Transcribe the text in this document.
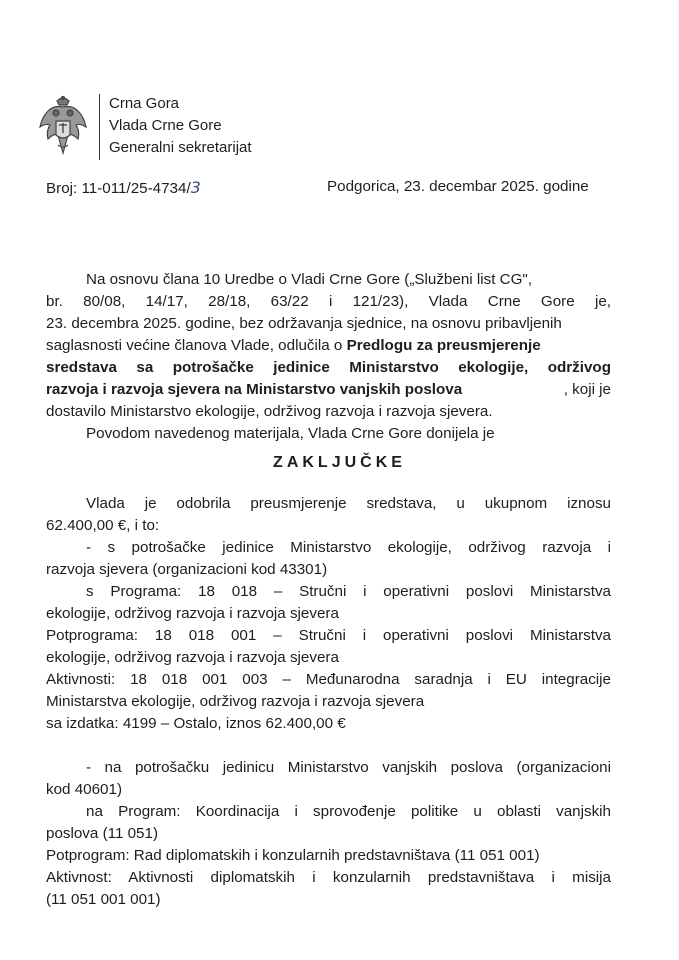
Crna Gora
Vlada Crne Gore
Generalni sekretarijat
Broj: 11-011/25-4734/3	Podgorica, 23. decembar 2025. godine
Na osnovu člana 10 Uredbe o Vladi Crne Gore („Službeni list CG",
br. 80/08, 14/17, 28/18, 63/22 i 121/23), Vlada Crne Gore je,
23. decembra 2025. godine, bez održavanja sjednice, na osnovu pribavljenih
saglasnosti većine članova Vlade, odlučila o Predlogu za preusmjerenje
sredstava sa potrošačke jedinice Ministarstvo ekologije, održivog
razvoja i razvoja sjevera na Ministarstvo vanjskih poslova	, koji je
dostavilo Ministarstvo ekologije, održivog razvoja i razvoja sjevera.
Povodom navedenog materijala, Vlada Crne Gore donijela je
ZAKLJUČKE
Vlada je odobrila preusmjerenje sredstava, u ukupnom iznosu
62.400,00 €, i to:
- s potrošačke jedinice Ministarstvo ekologije, održivog razvoja i
razvoja sjevera (organizacioni kod 43301)
s Programa: 18 018 – Stručni i operativni poslovi Ministarstva
ekologije, održivog razvoja i razvoja sjevera
Potprograma: 18 018 001 – Stručni i operativni poslovi Ministarstva
ekologije, održivog razvoja i razvoja sjevera
Aktivnosti: 18 018 001 003 – Međunarodna saradnja i EU integracije
Ministarstva ekologije, održivog razvoja i razvoja sjevera
sa izdatka: 4199 – Ostalo, iznos 62.400,00 €
- na potrošačku jedinicu Ministarstvo vanjskih poslova (organizacioni
kod 40601)
na Program: Koordinacija i sprovođenje politike u oblasti vanjskih
poslova (11 051)
Potprogram: Rad diplomatskih i konzularnih predstavništava (11 051 001)
Aktivnost: Aktivnosti diplomatskih i konzularnih predstavništava i misija
(11 051 001 001)
